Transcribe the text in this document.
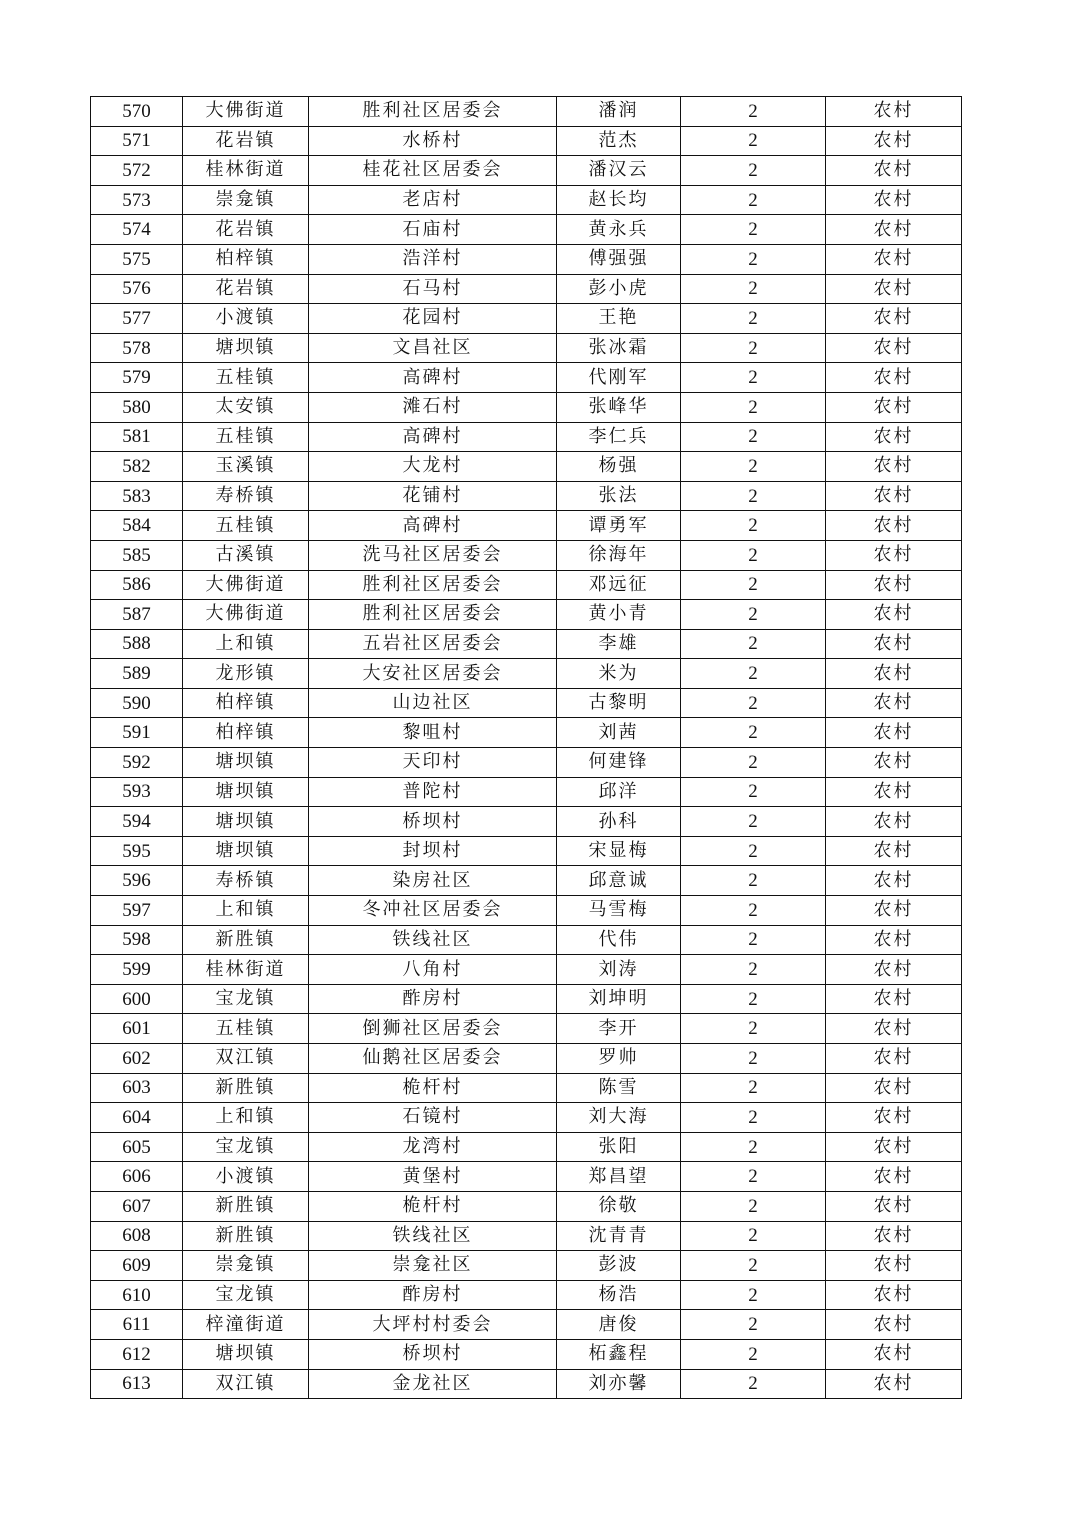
570	大佛街道	胜利社区居委会	潘润	2	农村
571	花岩镇	水桥村	范杰	2	农村
572	桂林街道	桂花社区居委会	潘汉云	2	农村
573	崇龛镇	老店村	赵长均	2	农村
574	花岩镇	石庙村	黄永兵	2	农村
575	柏梓镇	浩洋村	傅强强	2	农村
576	花岩镇	石马村	彭小虎	2	农村
577	小渡镇	花园村	王艳	2	农村
578	塘坝镇	文昌社区	张冰霜	2	农村
579	五桂镇	高碑村	代刚军	2	农村
580	太安镇	滩石村	张峰华	2	农村
581	五桂镇	高碑村	李仁兵	2	农村
582	玉溪镇	大龙村	杨强	2	农村
583	寿桥镇	花铺村	张法	2	农村
584	五桂镇	高碑村	谭勇军	2	农村
585	古溪镇	洗马社区居委会	徐海年	2	农村
586	大佛街道	胜利社区居委会	邓远征	2	农村
587	大佛街道	胜利社区居委会	黄小青	2	农村
588	上和镇	五岩社区居委会	李雄	2	农村
589	龙形镇	大安社区居委会	米为	2	农村
590	柏梓镇	山边社区	古黎明	2	农村
591	柏梓镇	黎咀村	刘茜	2	农村
592	塘坝镇	天印村	何建锋	2	农村
593	塘坝镇	普陀村	邱洋	2	农村
594	塘坝镇	桥坝村	孙科	2	农村
595	塘坝镇	封坝村	宋显梅	2	农村
596	寿桥镇	染房社区	邱意诚	2	农村
597	上和镇	冬冲社区居委会	马雪梅	2	农村
598	新胜镇	铁线社区	代伟	2	农村
599	桂林街道	八角村	刘涛	2	农村
600	宝龙镇	酢房村	刘坤明	2	农村
601	五桂镇	倒狮社区居委会	李开	2	农村
602	双江镇	仙鹅社区居委会	罗帅	2	农村
603	新胜镇	桅杆村	陈雪	2	农村
604	上和镇	石镜村	刘大海	2	农村
605	宝龙镇	龙湾村	张阳	2	农村
606	小渡镇	黄堡村	郑昌望	2	农村
607	新胜镇	桅杆村	徐敬	2	农村
608	新胜镇	铁线社区	沈青青	2	农村
609	崇龛镇	崇龛社区	彭波	2	农村
610	宝龙镇	酢房村	杨浩	2	农村
611	梓潼街道	大坪村村委会	唐俊	2	农村
612	塘坝镇	桥坝村	柘鑫程	2	农村
613	双江镇	金龙社区	刘亦馨	2	农村
